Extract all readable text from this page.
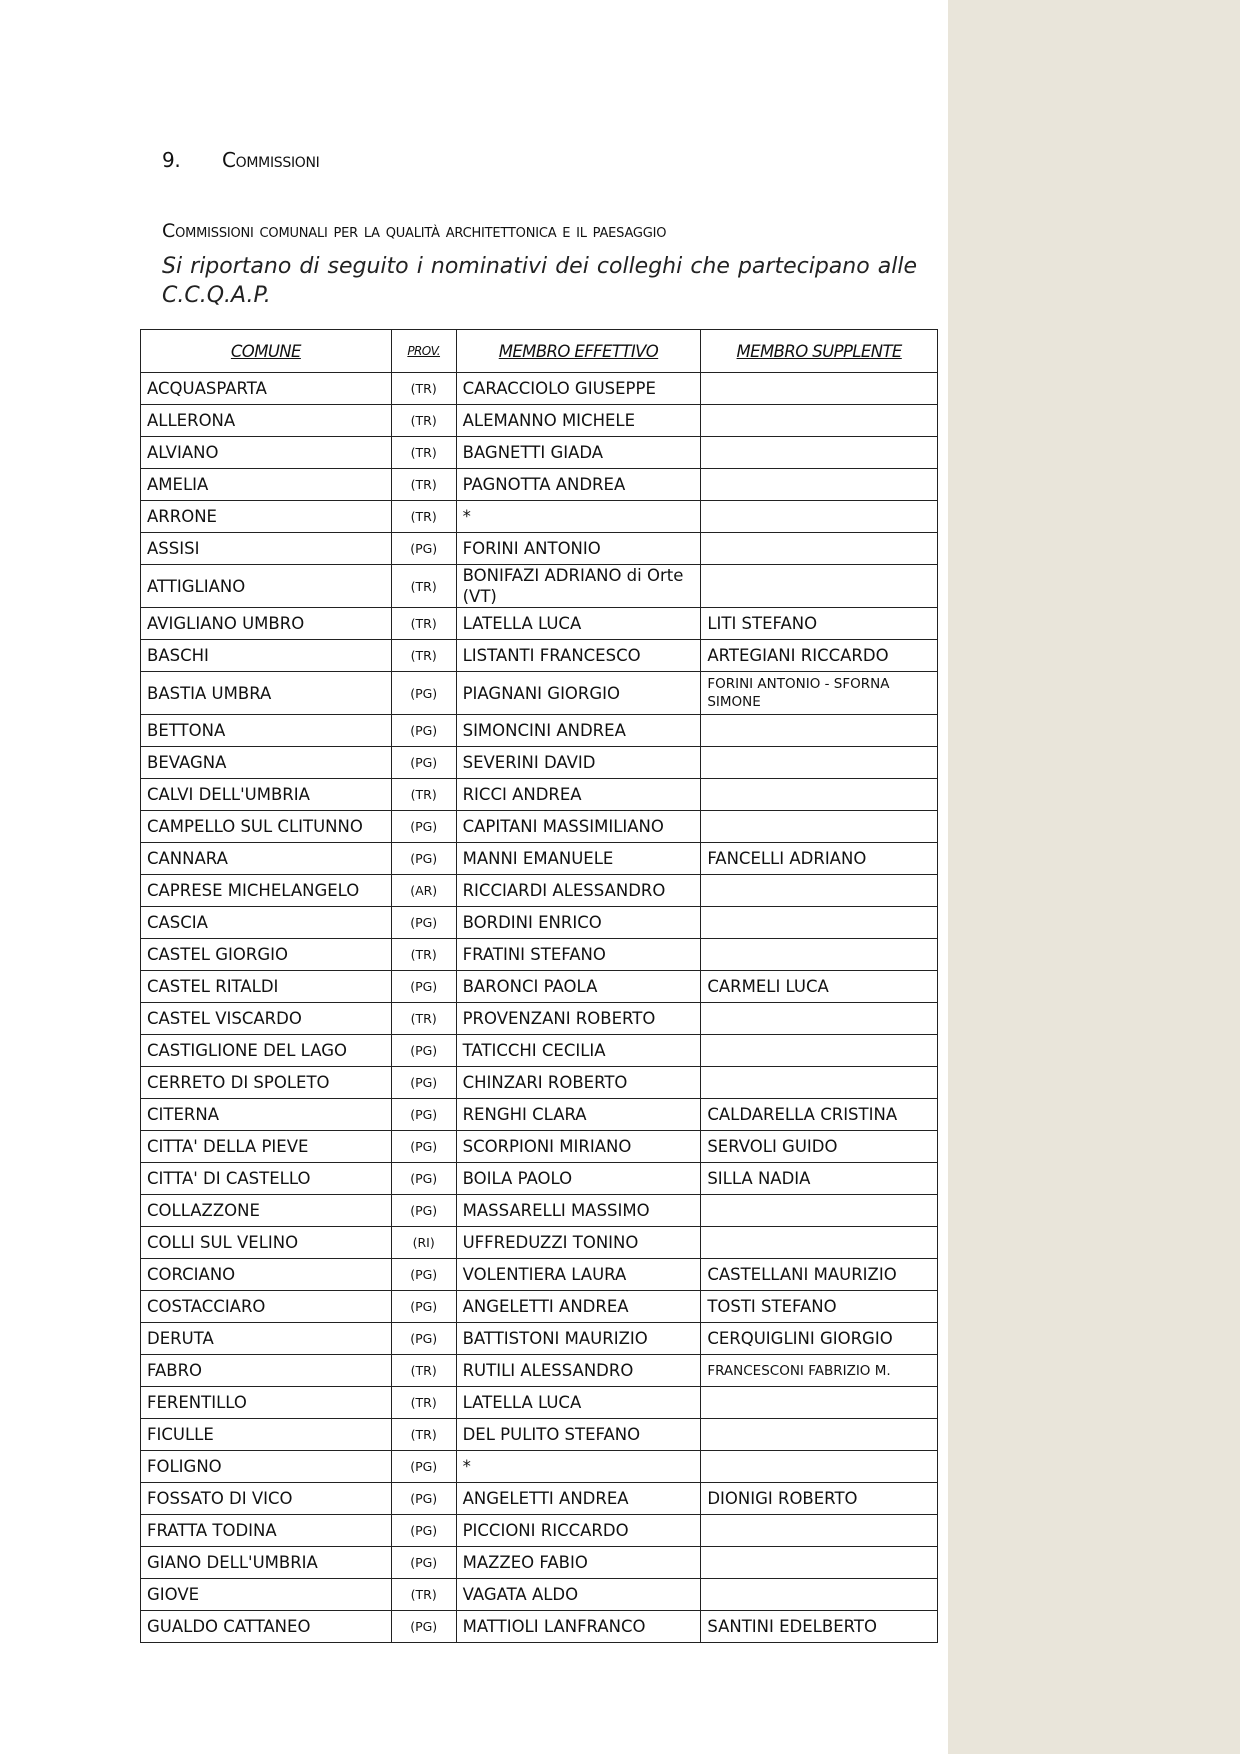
9. Commissioni
Commissioni comunali per la qualità architettonica e il paesaggio
Si riportano di seguito i nominativi dei colleghi che partecipano alle C.C.Q.A.P.
COMUNE	PROV.	MEMBRO EFFETTIVO	MEMBRO SUPPLENTE
ACQUASPARTA	(TR)	CARACCIOLO GIUSEPPE	
ALLERONA	(TR)	ALEMANNO MICHELE	
ALVIANO	(TR)	BAGNETTI GIADA	
AMELIA	(TR)	PAGNOTTA ANDREA	
ARRONE	(TR)	*	
ASSISI	(PG)	FORINI ANTONIO	
ATTIGLIANO	(TR)	BONIFAZI ADRIANO di Orte (VT)	
AVIGLIANO UMBRO	(TR)	LATELLA LUCA	LITI STEFANO
BASCHI	(TR)	LISTANTI FRANCESCO	ARTEGIANI RICCARDO
BASTIA UMBRA	(PG)	PIAGNANI GIORGIO	FORINI ANTONIO - SFORNA SIMONE
BETTONA	(PG)	SIMONCINI ANDREA	
BEVAGNA	(PG)	SEVERINI DAVID	
CALVI DELL'UMBRIA	(TR)	RICCI ANDREA	
CAMPELLO SUL CLITUNNO	(PG)	CAPITANI MASSIMILIANO	
CANNARA	(PG)	MANNI EMANUELE	FANCELLI ADRIANO
CAPRESE MICHELANGELO	(AR)	RICCIARDI ALESSANDRO	
CASCIA	(PG)	BORDINI ENRICO	
CASTEL GIORGIO	(TR)	FRATINI STEFANO	
CASTEL RITALDI	(PG)	BARONCI PAOLA	CARMELI LUCA
CASTEL VISCARDO	(TR)	PROVENZANI ROBERTO	
CASTIGLIONE DEL LAGO	(PG)	TATICCHI CECILIA	
CERRETO DI SPOLETO	(PG)	CHINZARI ROBERTO	
CITERNA	(PG)	RENGHI CLARA	CALDARELLA CRISTINA
CITTA' DELLA PIEVE	(PG)	SCORPIONI MIRIANO	SERVOLI GUIDO
CITTA' DI CASTELLO	(PG)	BOILA PAOLO	SILLA NADIA
COLLAZZONE	(PG)	MASSARELLI MASSIMO	
COLLI SUL VELINO	(RI)	UFFREDUZZI TONINO	
CORCIANO	(PG)	VOLENTIERA LAURA	CASTELLANI MAURIZIO
COSTACCIARO	(PG)	ANGELETTI ANDREA	TOSTI STEFANO
DERUTA	(PG)	BATTISTONI MAURIZIO	CERQUIGLINI GIORGIO
FABRO	(TR)	RUTILI ALESSANDRO	FRANCESCONI FABRIZIO M.
FERENTILLO	(TR)	LATELLA LUCA	
FICULLE	(TR)	DEL PULITO STEFANO	
FOLIGNO	(PG)	*	
FOSSATO DI VICO	(PG)	ANGELETTI ANDREA	DIONIGI ROBERTO
FRATTA TODINA	(PG)	PICCIONI RICCARDO	
GIANO DELL'UMBRIA	(PG)	MAZZEO FABIO	
GIOVE	(TR)	VAGATA ALDO	
GUALDO CATTANEO	(PG)	MATTIOLI LANFRANCO	SANTINI EDELBERTO
